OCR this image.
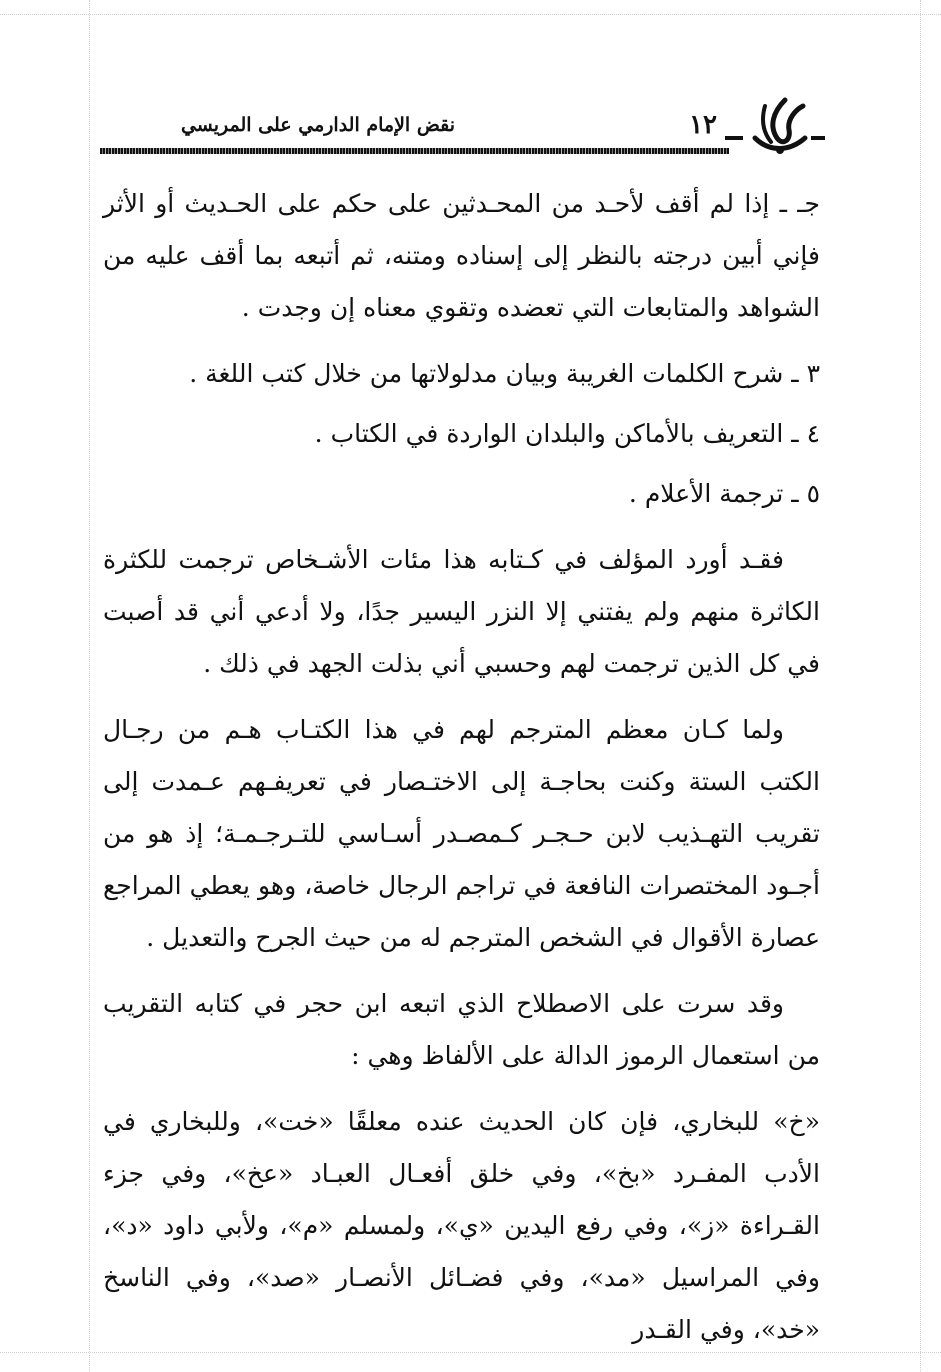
١٢
نقض الإمام الدارمي على المريسي

جـ ـ إذا لم أقف لأحـد من المحـدثين على حكم على الحـديث أو الأثر فإني أبين درجته بالنظر إلى إسناده ومتنه، ثم أتبعه بما أقف عليه من الشواهد والمتابعات التي تعضده وتقوي معناه إن وجدت .

٣ ـ شرح الكلمات الغريبة وبيان مدلولاتها من خلال كتب اللغة .

٤ ـ التعريف بالأماكن والبلدان الواردة في الكتاب .

٥ ـ ترجمة الأعلام .

فقـد أورد المؤلف في كـتابه هذا مئات الأشـخاص ترجمت للكثرة الكاثرة منهم ولم يفتني إلا النزر اليسير جدًا، ولا أدعي أني قد أصبت في كل الذين ترجمت لهم وحسبي أني بذلت الجهد في ذلك .

ولما كـان معظم المترجم لهم في هذا الكتـاب هـم من رجـال الكتب الستة وكنت بحاجـة إلى الاختـصار في تعريفـهم عـمدت إلى تقريب التهـذيب لابن حـجـر كـمصـدر أسـاسي للتـرجـمـة؛ إذ هو من أجـود المختصرات النافعة في تراجم الرجال خاصة، وهو يعطي المراجع عصارة الأقوال في الشخص المترجم له من حيث الجرح والتعديل .

وقد سرت على الاصطلاح الذي اتبعه ابن حجر في كتابه التقريب من استعمال الرموز الدالة على الألفاظ وهي :

«خ» للبخاري، فإن كان الحديث عنده معلقًا «خت»، وللبخاري في الأدب المفـرد «بخ»، وفي خلق أفعـال العبـاد «عخ»، وفي جزء القـراءة «ز»، وفي رفع اليدين «ي»، ولمسلم «م»، ولأبي داود «د»، وفي المراسيل «مد»، وفي فضـائل الأنصـار «صد»، وفي الناسخ «خد»، وفي القـدر
